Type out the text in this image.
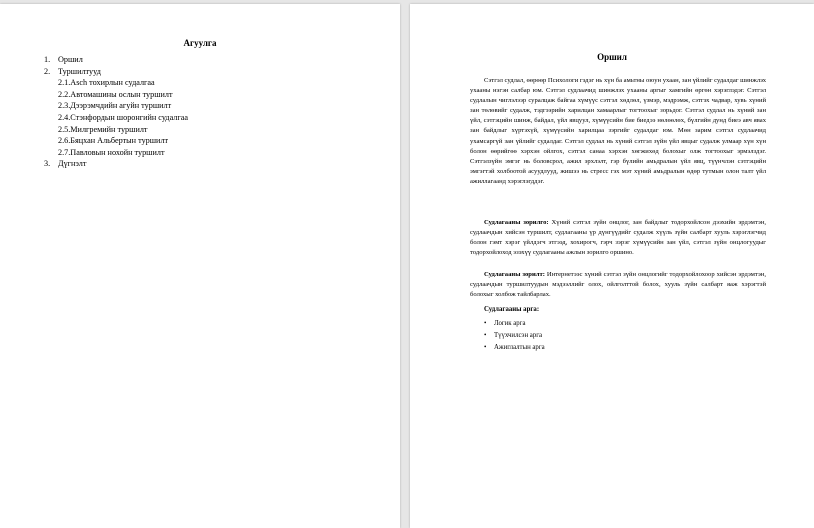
Агуулга
1. Оршил
2. Туршилтууд
2.1.Asch тохирлын судалгаа
2.2.Автомашины ослын туршилт
2.3.Дээрэмчдийн агуйн туршилт
2.4.Стэнфордын шоронгийн судалгаа
2.5.Милгремийн туршилт
2.6.Бяцхан Альбертын туршилт
2.7.Павловын нохойн туршилт
3. Дүгнэлт
Оршил
Сэтгэл судлал, өөрөөр Психологи гэдэг нь хүн ба амьтны оюун ухаан, зан үйлийг судалдаг шинжлэх ухааны нэгэн салбар юм. Сэтгэл судлаачид шинжлэх ухааны аргыг хамгийн өргөн хэрэглэдэг. Сэтгэл судлалын чиглэлээр суралцаж байгаа хүмүүс сэтгэл хөдлөл, үзмэр, мэдрэмж, сэтгэх чадвар, хувь хүний зан төлөвийг судалж, тэдгээрийн харилцан хамаарлыг тогтоохыг зорьдог. Сэтгэл судлал нь хүний зан үйл, сэтгэцийн шинж, байдал, үйл явцуул, хүмүүсийн бие биедээ нөлөөлөх, бүлгийн дунд биеэ авч явах зан байдлыг хүртэхүй, хүмүүсийн харилцаа зэргийг судалдаг юм. Мөн зарим сэтгэл судлаачид ухамсаргүй зан үйлийг судалдаг. Сэтгэл судлал нь хүний сэтгэл зүйн үйл явцыг судалж улмаар хүн хүн болон өөрийгөө хэрхэн ойлгох, сэтгэл санаа хэрхэн хөгжихөд болохыг олж тогтоохыг эрмэлздэг. Сэтгэлзүйн эмгэг нь боловсрол, ажил эрхлэлт, гэр бүлийн амьдралын үйл явц, түүнчлэн сэтгэцийн эмгэгтэй холбоотой асуудлууд, жишээ нь стресс гэх мэт хүний амьдралын өдөр тутмын олон талт үйл ажиллагаанд хэрэглэгддэг.
Судлагааны зорилго: Хүний сэтгэл зүйн онцлог, зан байдлыг тодорхойлсон дээхийн эрдэмтэн, судлаачдын хийсэн туршилт, судлагааны үр дүнгүүдийг судалж хүүль зүйн салбарт хууль хэрэглэгчид болон гэмт хэрэг үйлдэгч этгээд, хохирогч, гэрч зэрэг хүмүүсийн зан үйл, сэтгэл зүйн онцлогуудыг тодорхойлоход эзэхүү судлагааны ажлын зорилго оршино.
Судлагааны зорилт: Интернетээс хүний сэтгэл зүйн онцлогийг тодорхойлохоор хийсэн эрдэмтэн, судлаачдын туршилтуудын мэдээллийг олох, ойлголттой болох, хууль зүйн салбарт яаж хэрэгтэй болохыг холбож тайлбарлах.
Судлагааны арга:
• Логик арга
• Түүхчилсэн арга
• Ажиглалтын арга
